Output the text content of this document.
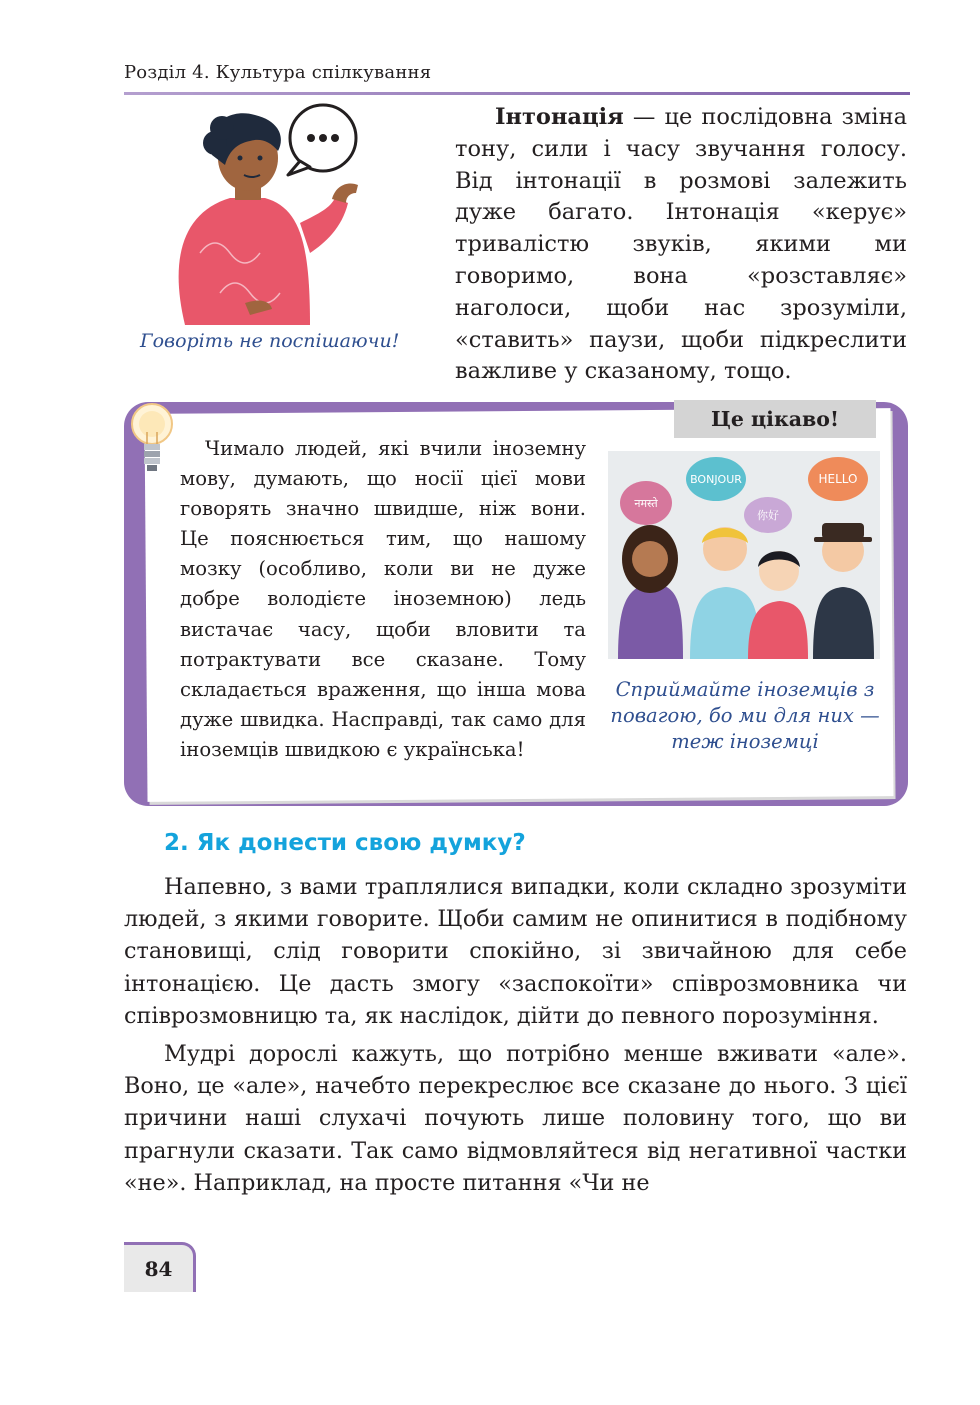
Розділ 4. Культура спілкування
Говоріть не поспішаючи!

Інтонація — це послідовна зміна тону, сили і часу звучання голосу. Від інтонації в розмові залежить дуже багато. Інтонація «керує» тривалістю звуків, якими ми говоримо, вона «розставляє» наголоси, щоби нас зрозуміли, «ставить» паузи, щоби підкреслити важливе у сказаному, тощо.

Це цікаво!

Чимало людей, які вчили іноземну мову, думають, що носії цієї мови говорять значно швидше, ніж вони. Це пояснюється тим, що нашому мозку (особливо, коли ви не дуже добре володієте іноземною) ледь вистачає часу, щоби вловити та потрактувати все сказане. Тому складається враження, що інша мова дуже швидка. Насправді, так само для іноземців швидкою є українська!

नमस्ते
BONJOUR
你好
HELLO
Сприймайте іноземців з повагою, бо ми для них — теж іноземці
2. Як донести свою думку?

Напевно, з вами траплялися випадки, коли складно зрозуміти людей, з якими говорите. Щоби самим не опинитися в подібному становищі, слід говорити спокійно, зі звичайною для себе інтонацією. Це дасть змогу «заспокоїти» співрозмовника чи співрозмовницю та, як наслідок, дійти до певного порозуміння.

Мудрі дорослі кажуть, що потрібно менше вживати «але». Воно, це «але», начебто перекреслює все сказане до нього. З цієї причини наші слухачі почують лише половину того, що ви прагнули сказати. Так само відмовляйтеся від негативної частки «не». Наприклад, на просте питання «Чи не

84
